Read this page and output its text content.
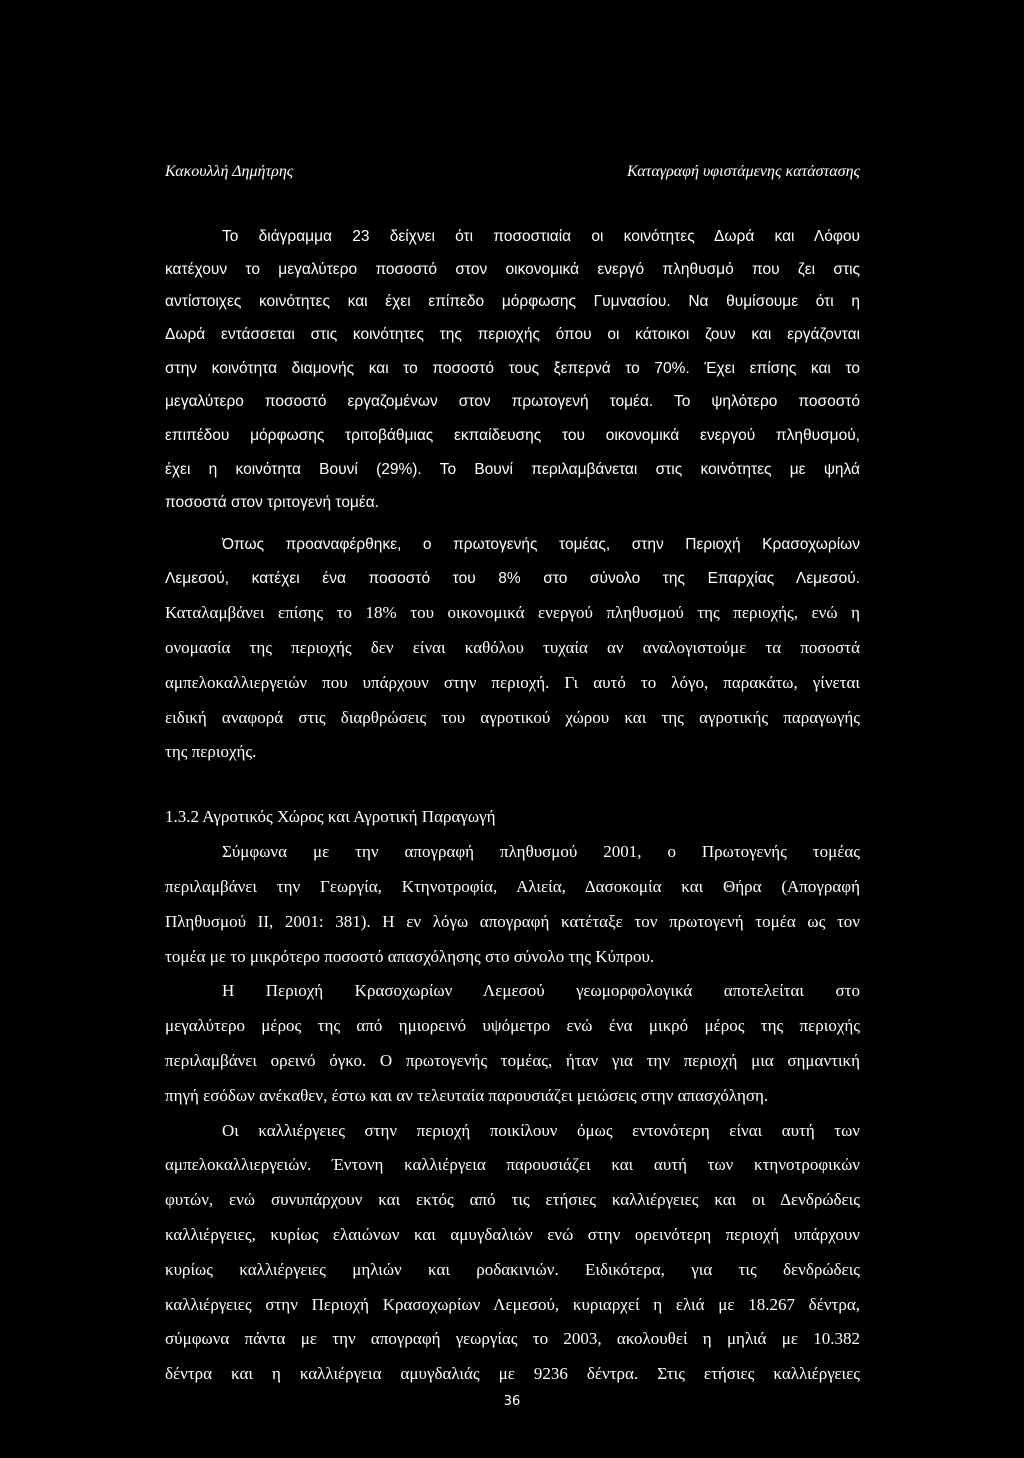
Κακουλλή Δημήτρης	Καταγραφή υφιστάμενης κατάστασης
Το διάγραμμα 23 δείχνει ότι ποσοστιαία οι κοινότητες Δωρά και Λόφου
κατέχουν το μεγαλύτερο ποσοστό στον οικονομικά ενεργό πληθυσμό που ζει στις
αντίστοιχες κοινότητες και έχει επίπεδο μόρφωσης Γυμνασίου. Να θυμίσουμε ότι η
Δωρά εντάσσεται στις κοινότητες της περιοχής όπου οι κάτοικοι ζουν και εργάζονται
στην κοινότητα διαμονής και το ποσοστό τους ξεπερνά το 70%. Έχει επίσης και το
μεγαλύτερο ποσοστό εργαζομένων στον πρωτογενή τομέα. Το ψηλότερο ποσοστό
επιπέδου μόρφωσης τριτοβάθμιας εκπαίδευσης του οικονομικά ενεργού πληθυσμού,
έχει η κοινότητα Βουνί (29%). Το Βουνί περιλαμβάνεται στις κοινότητες με ψηλά
ποσοστά στον τριτογενή τομέα.
Όπως προαναφέρθηκε, ο πρωτογενής τομέας, στην Περιοχή Κρασοχωρίων
Λεμεσού, κατέχει ένα ποσοστό του 8% στο σύνολο της Επαρχίας Λεμεσού.
Καταλαμβάνει επίσης το 18% του οικονομικά ενεργού πληθυσμού της περιοχής, ενώ η
ονομασία της περιοχής δεν είναι καθόλου τυχαία αν αναλογιστούμε τα ποσοστά
αμπελοκαλλιεργειών που υπάρχουν στην περιοχή. Γι αυτό το λόγο, παρακάτω, γίνεται
ειδική αναφορά στις διαρθρώσεις του αγροτικού χώρου και της αγροτικής παραγωγής
της περιοχής.
1.3.2 Αγροτικός Χώρος και Αγροτική Παραγωγή
Σύμφωνα με την απογραφή πληθυσμού 2001, ο Πρωτογενής τομέας
περιλαμβάνει την Γεωργία, Κτηνοτροφία, Αλιεία, Δασοκομία και Θήρα (Απογραφή
Πληθυσμού ΙΙ, 2001: 381). Η εν λόγω απογραφή κατέταξε τον πρωτογενή τομέα ως τον
τομέα με το μικρότερο ποσοστό απασχόλησης στο σύνολο της Κύπρου.
Η Περιοχή Κρασοχωρίων Λεμεσού γεωμορφολογικά αποτελείται στο
μεγαλύτερο μέρος της από ημιορεινό υψόμετρο ενώ ένα μικρό μέρος της περιοχής
περιλαμβάνει ορεινό όγκο. Ο πρωτογενής τομέας, ήταν για την περιοχή μια σημαντική
πηγή εσόδων ανέκαθεν, έστω και αν τελευταία παρουσιάζει μειώσεις στην απασχόληση.
Οι καλλιέργειες στην περιοχή ποικίλουν όμως εντονότερη είναι αυτή των
αμπελοκαλλιεργειών. Έντονη καλλιέργεια παρουσιάζει και αυτή των κτηνοτροφικών
φυτών, ενώ συνυπάρχουν και εκτός από τις ετήσιες καλλιέργειες και οι Δενδρώδεις
καλλιέργειες, κυρίως ελαιώνων και αμυγδαλιών ενώ στην ορεινότερη περιοχή υπάρχουν
κυρίως καλλιέργειες μηλιών και ροδακινιών. Ειδικότερα, για τις δενδρώδεις
καλλιέργειες στην Περιοχή Κρασοχωρίων Λεμεσού, κυριαρχεί η ελιά με 18.267 δέντρα,
σύμφωνα πάντα με την απογραφή γεωργίας το 2003, ακολουθεί η μηλιά με 10.382
δέντρα και η καλλιέργεια αμυγδαλιάς με 9236 δέντρα. Στις ετήσιες καλλιέργειες
36
